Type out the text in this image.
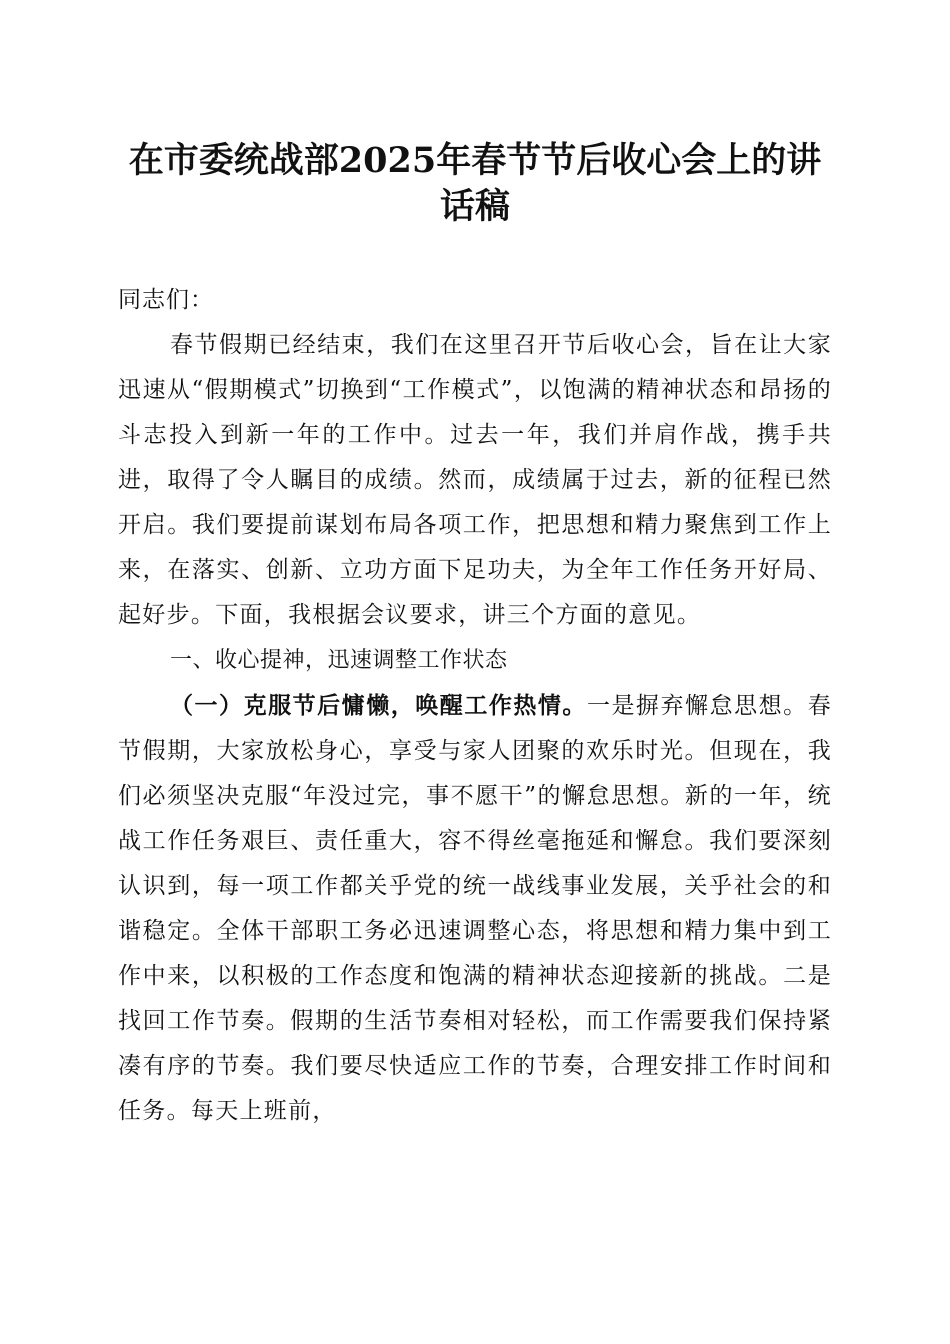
在市委统战部2025年春节节后收心会上的讲话稿

同志们：

春节假期已经结束，我们在这里召开节后收心会，旨在让大家迅速从“假期模式”切换到“工作模式”，以饱满的精神状态和昂扬的斗志投入到新一年的工作中。过去一年，我们并肩作战，携手共进，取得了令人瞩目的成绩。然而，成绩属于过去，新的征程已然开启。我们要提前谋划布局各项工作，把思想和精力聚焦到工作上来，在落实、创新、立功方面下足功夫，为全年工作任务开好局、起好步。下面，我根据会议要求，讲三个方面的意见。

一、收心提神，迅速调整工作状态

（一）克服节后慵懒，唤醒工作热情。一是摒弃懈怠思想。春节假期，大家放松身心，享受与家人团聚的欢乐时光。但现在，我们必须坚决克服“年没过完，事不愿干”的懈怠思想。新的一年，统战工作任务艰巨、责任重大，容不得丝毫拖延和懈怠。我们要深刻认识到，每一项工作都关乎党的统一战线事业发展，关乎社会的和谐稳定。全体干部职工务必迅速调整心态，将思想和精力集中到工作中来，以积极的工作态度和饱满的精神状态迎接新的挑战。二是找回工作节奏。假期的生活节奏相对轻松，而工作需要我们保持紧凑有序的节奏。我们要尽快适应工作的节奏，合理安排工作时间和任务。每天上班前，
